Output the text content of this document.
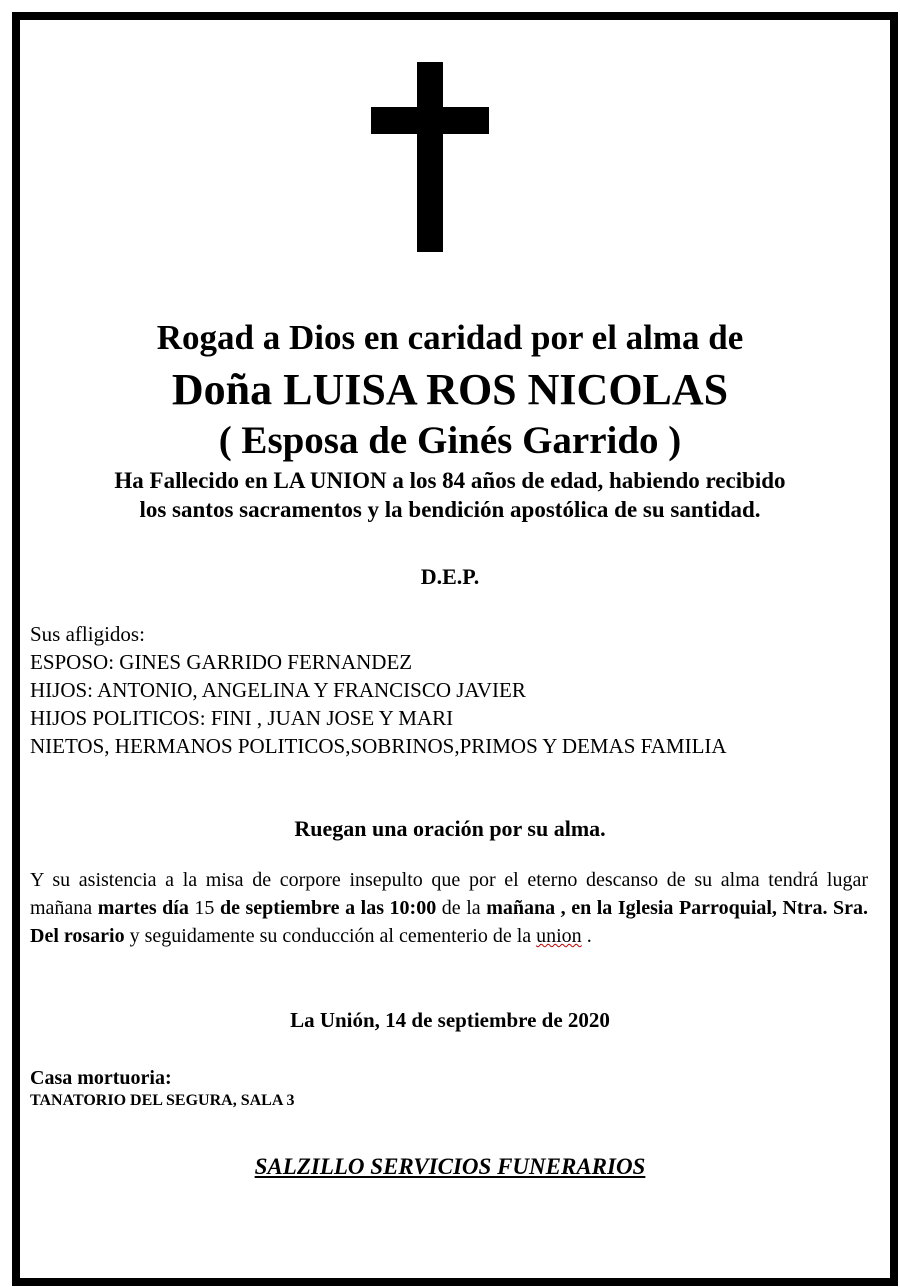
Rogad a Dios en caridad por el alma de
Doña LUISA ROS NICOLAS
( Esposa de Ginés Garrido )
Ha Fallecido en LA UNION a los 84 años de edad, habiendo recibido
los santos sacramentos y la bendición apostólica de su santidad.
D.E.P.
Sus afligidos:
ESPOSO: GINES GARRIDO FERNANDEZ
HIJOS: ANTONIO, ANGELINA Y FRANCISCO JAVIER
HIJOS POLITICOS: FINI , JUAN JOSE Y MARI
NIETOS, HERMANOS POLITICOS,SOBRINOS,PRIMOS Y DEMAS FAMILIA
Ruegan una oración por su alma.
Y su asistencia a la misa de corpore insepulto que por el eterno descanso de su alma tendrá lugar mañana martes día 15 de septiembre a las 10:00 de la mañana , en la Iglesia Parroquial, Ntra. Sra. Del rosario y seguidamente su conducción al cementerio de la union .
La Unión, 14 de septiembre de 2020
Casa mortuoria:
TANATORIO DEL SEGURA, SALA 3
SALZILLO SERVICIOS FUNERARIOS
